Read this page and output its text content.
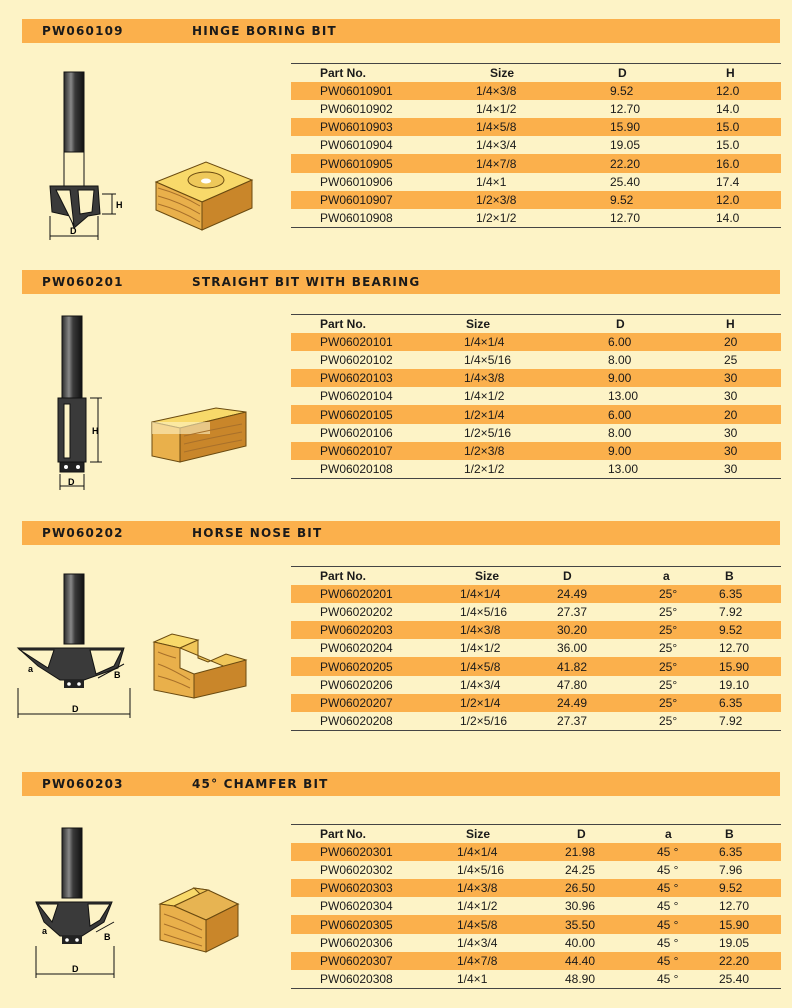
PW060109	HINGE BORING BIT
H
D
Part No.	Size	D	H
PW06010901	1/4×3/8	9.52	12.0
PW06010902	1/4×1/2	12.70	14.0
PW06010903	1/4×5/8	15.90	15.0
PW06010904	1/4×3/4	19.05	15.0
PW06010905	1/4×7/8	22.20	16.0
PW06010906	1/4×1	25.40	17.4
PW06010907	1/2×3/8	9.52	12.0
PW06010908	1/2×1/2	12.70	14.0
PW060201	STRAIGHT BIT WITH BEARING
H
D
Part No.	Size	D	H
PW06020101	1/4×1/4	6.00	20
PW06020102	1/4×5/16	8.00	25
PW06020103	1/4×3/8	9.00	30
PW06020104	1/4×1/2	13.00	30
PW06020105	1/2×1/4	6.00	20
PW06020106	1/2×5/16	8.00	30
PW06020107	1/2×3/8	9.00	30
PW06020108	1/2×1/2	13.00	30
PW060202	HORSE NOSE BIT
a
B
D
Part No.	Size	D	a	B
PW06020201	1/4×1/4	24.49	25°	6.35
PW06020202	1/4×5/16	27.37	25°	7.92
PW06020203	1/4×3/8	30.20	25°	9.52
PW06020204	1/4×1/2	36.00	25°	12.70
PW06020205	1/4×5/8	41.82	25°	15.90
PW06020206	1/4×3/4	47.80	25°	19.10
PW06020207	1/2×1/4	24.49	25°	6.35
PW06020208	1/2×5/16	27.37	25°	7.92
PW060203	45° CHAMFER BIT
a
B
D
Part No.	Size	D	a	B
PW06020301	1/4×1/4	21.98	45 °	6.35
PW06020302	1/4×5/16	24.25	45 °	7.96
PW06020303	1/4×3/8	26.50	45 °	9.52
PW06020304	1/4×1/2	30.96	45 °	12.70
PW06020305	1/4×5/8	35.50	45 °	15.90
PW06020306	1/4×3/4	40.00	45 °	19.05
PW06020307	1/4×7/8	44.40	45 °	22.20
PW06020308	1/4×1	48.90	45 °	25.40
